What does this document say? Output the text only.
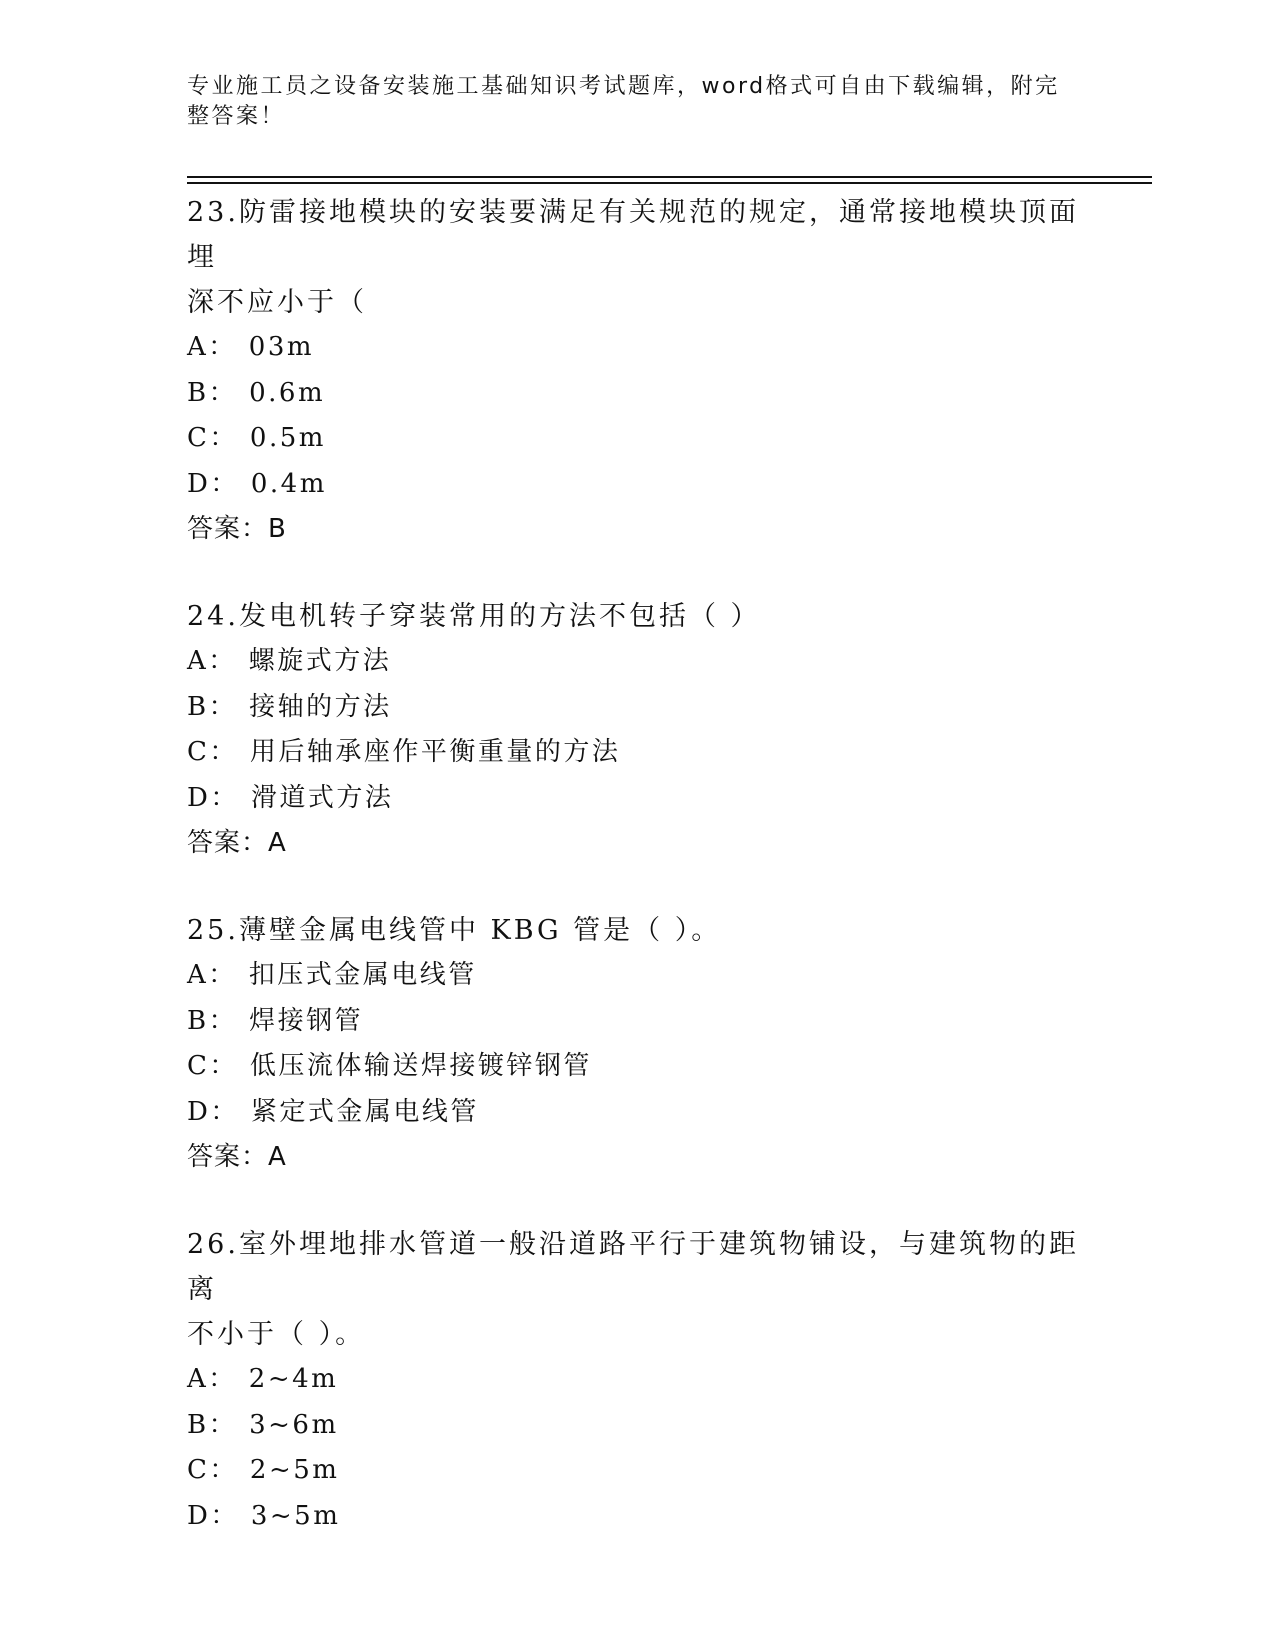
专业施工员之设备安装施工基础知识考试题库，word格式可自由下载编辑，附完
整答案！

23.防雷接地模块的安装要满足有关规范的规定，通常接地模块顶面埋

深不应小于（

A： 03m

B： 0.6m

C： 0.5m

D： 0.4m

答案：B

24.发电机转子穿装常用的方法不包括（ ）

A： 螺旋式方法

B： 接轴的方法

C： 用后轴承座作平衡重量的方法

D： 滑道式方法

答案：A

25.薄壁金属电线管中 KBG 管是（ ）。

A： 扣压式金属电线管

B： 焊接钢管

C： 低压流体输送焊接镀锌钢管

D： 紧定式金属电线管

答案：A

26.室外埋地排水管道一般沿道路平行于建筑物铺设，与建筑物的距离

不小于（ ）。

A： 2~4m

B： 3~6m

C： 2~5m

D： 3~5m
